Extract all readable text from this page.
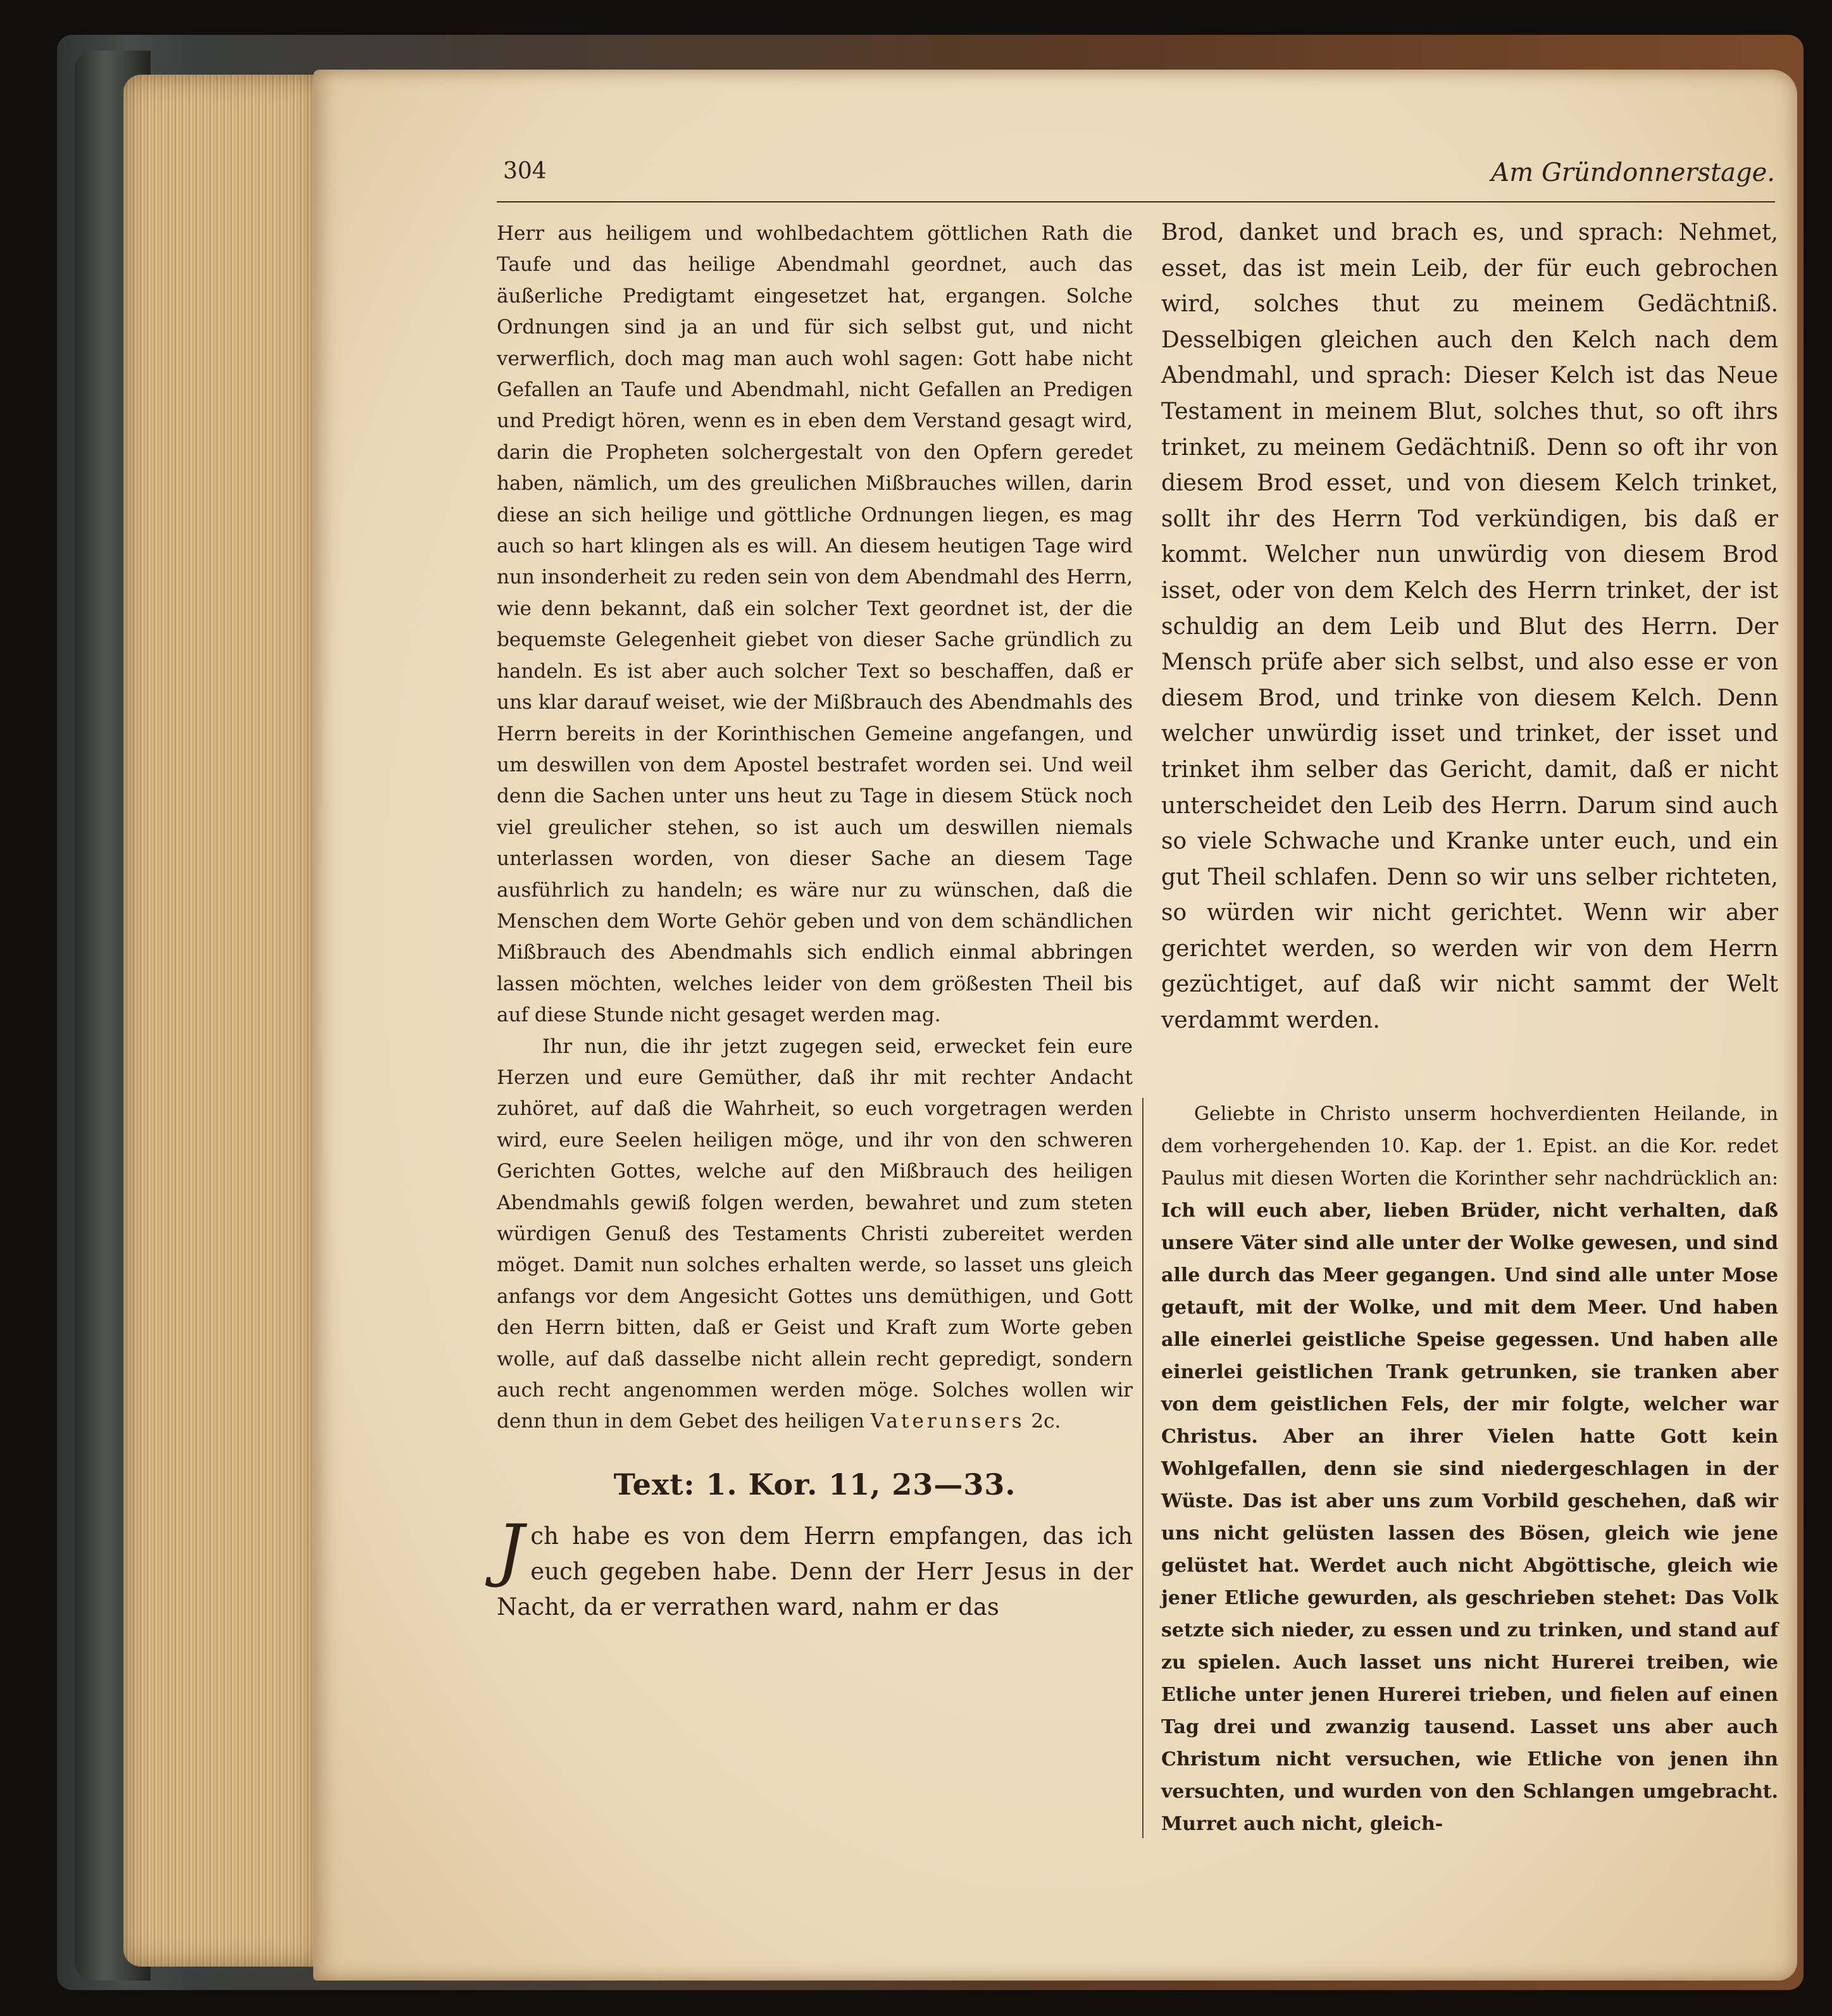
304	Am Gründonnerstage.

Herr aus heiligem und wohlbedachtem göttlichen Rath die Taufe und das heilige Abendmahl geordnet, auch das äußerliche Predigtamt eingesetzet hat, ergangen. Solche Ordnungen sind ja an und für sich selbst gut, und nicht verwerflich, doch mag man auch wohl sagen: Gott habe nicht Gefallen an Taufe und Abendmahl, nicht Gefallen an Predigen und Predigt hören, wenn es in eben dem Verstand gesagt wird, darin die Propheten solchergestalt von den Opfern geredet haben, nämlich, um des greulichen Mißbrauches willen, darin diese an sich heilige und göttliche Ordnungen liegen, es mag auch so hart klingen als es will. An diesem heutigen Tage wird nun insonderheit zu reden sein von dem Abendmahl des Herrn, wie denn bekannt, daß ein solcher Text geordnet ist, der die bequemste Gelegenheit giebet von dieser Sache gründlich zu handeln. Es ist aber auch solcher Text so beschaffen, daß er uns klar darauf weiset, wie der Mißbrauch des Abendmahls des Herrn bereits in der Korinthischen Gemeine angefangen, und um deswillen von dem Apostel bestrafet worden sei. Und weil denn die Sachen unter uns heut zu Tage in diesem Stück noch viel greulicher stehen, so ist auch um deswillen niemals unterlassen worden, von dieser Sache an diesem Tage ausführlich zu handeln; es wäre nur zu wünschen, daß die Menschen dem Worte Gehör geben und von dem schändlichen Mißbrauch des Abendmahls sich endlich einmal abbringen lassen möchten, welches leider von dem größesten Theil bis auf diese Stunde nicht gesaget werden mag.

Ihr nun, die ihr jetzt zugegen seid, erwecket fein eure Herzen und eure Gemüther, daß ihr mit rechter Andacht zuhöret, auf daß die Wahrheit, so euch vorgetragen werden wird, eure Seelen heiligen möge, und ihr von den schweren Gerichten Gottes, welche auf den Mißbrauch des heiligen Abendmahls gewiß folgen werden, bewahret und zum steten würdigen Genuß des Testaments Christi zubereitet werden möget. Damit nun solches erhalten werde, so lasset uns gleich anfangs vor dem Angesicht Gottes uns demüthigen, und Gott den Herrn bitten, daß er Geist und Kraft zum Worte geben wolle, auf daß dasselbe nicht allein recht gepredigt, sondern auch recht angenommen werden möge. Solches wollen wir denn thun in dem Gebet des heiligen Vaterunsers 2c.

Text: 1. Kor. 11, 23—33.

Jch habe es von dem Herrn empfangen, das ich euch gegeben habe. Denn der Herr Jesus in der Nacht, da er verrathen ward, nahm er das

Brod, danket und brach es, und sprach: Nehmet, esset, das ist mein Leib, der für euch gebrochen wird, solches thut zu meinem Gedächtniß. Desselbigen gleichen auch den Kelch nach dem Abendmahl, und sprach: Dieser Kelch ist das Neue Testament in meinem Blut, solches thut, so oft ihrs trinket, zu meinem Gedächtniß. Denn so oft ihr von diesem Brod esset, und von diesem Kelch trinket, sollt ihr des Herrn Tod verkündigen, bis daß er kommt. Welcher nun unwürdig von diesem Brod isset, oder von dem Kelch des Herrn trinket, der ist schuldig an dem Leib und Blut des Herrn. Der Mensch prüfe aber sich selbst, und also esse er von diesem Brod, und trinke von diesem Kelch. Denn welcher unwürdig isset und trinket, der isset und trinket ihm selber das Gericht, damit, daß er nicht unterscheidet den Leib des Herrn. Darum sind auch so viele Schwache und Kranke unter euch, und ein gut Theil schlafen. Denn so wir uns selber richteten, so würden wir nicht gerichtet. Wenn wir aber gerichtet werden, so werden wir von dem Herrn gezüchtiget, auf daß wir nicht sammt der Welt verdammt werden.

Geliebte in Christo unserm hochverdienten Heilande, in dem vorhergehenden 10. Kap. der 1. Epist. an die Kor. redet Paulus mit diesen Worten die Korinther sehr nachdrücklich an: Ich will euch aber, lieben Brüder, nicht verhalten, daß unsere Väter sind alle unter der Wolke gewesen, und sind alle durch das Meer gegangen. Und sind alle unter Mose getauft, mit der Wolke, und mit dem Meer. Und haben alle einerlei geistliche Speise gegessen. Und haben alle einerlei geistlichen Trank getrunken, sie tranken aber von dem geistlichen Fels, der mir folgte, welcher war Christus. Aber an ihrer Vielen hatte Gott kein Wohlgefallen, denn sie sind niedergeschlagen in der Wüste. Das ist aber uns zum Vorbild geschehen, daß wir uns nicht gelüsten lassen des Bösen, gleich wie jene gelüstet hat. Werdet auch nicht Abgöttische, gleich wie jener Etliche gewurden, als geschrieben stehet: Das Volk setzte sich nieder, zu essen und zu trinken, und stand auf zu spielen. Auch lasset uns nicht Hurerei treiben, wie Etliche unter jenen Hurerei trieben, und fielen auf einen Tag drei und zwanzig tausend. Lasset uns aber auch Christum nicht versuchen, wie Etliche von jenen ihn versuchten, und wurden von den Schlangen umgebracht. Murret auch nicht, gleich-
